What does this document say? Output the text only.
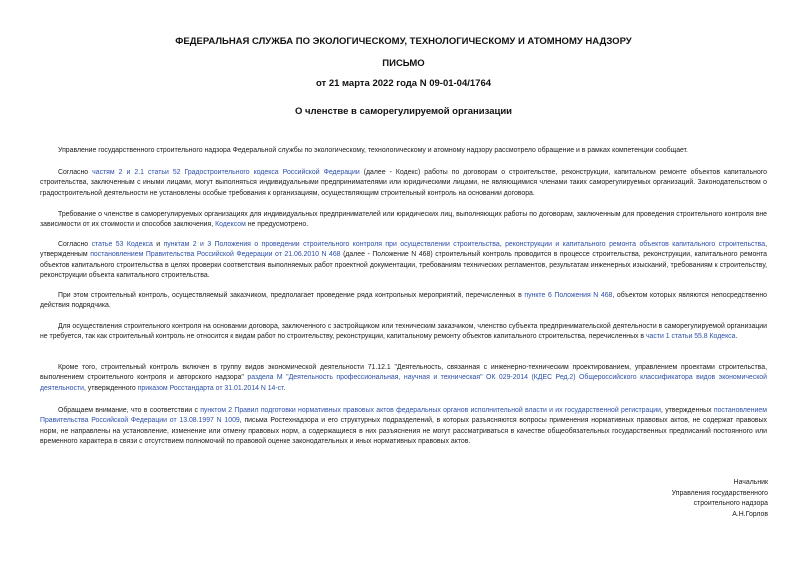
ФЕДЕРАЛЬНАЯ СЛУЖБА ПО ЭКОЛОГИЧЕСКОМУ, ТЕХНОЛОГИЧЕСКОМУ И АТОМНОМУ НАДЗОРУ
ПИСЬМО
от 21 марта 2022 года N 09-01-04/1764
О членстве в саморегулируемой организации

Управление государственного строительного надзора Федеральной службы по экологическому, технологическому и атомному надзору рассмотрело обращение и в рамках компетенции сообщает.

Согласно частям 2 и 2.1 статьи 52 Градостроительного кодекса Российской Федерации (далее - Кодекс) работы по договорам о строительстве, реконструкции, капитальном ремонте объектов капитального строительства, заключенным с иными лицами, могут выполняться индивидуальными предпринимателями или юридическими лицами, не являющимися членами таких саморегулируемых организаций. Законодательством о градостроительной деятельности не установлены особые требования к организациям, осуществляющим строительный контроль на основании договора.

Требование о членстве в саморегулируемых организациях для индивидуальных предпринимателей или юридических лиц, выполняющих работы по договорам, заключенным для проведения строительного контроля вне зависимости от их стоимости и способов заключения, Кодексом не предусмотрено.

Согласно статье 53 Кодекса и пунктам 2 и 3 Положения о проведении строительного контроля при осуществлении строительства, реконструкции и капитального ремонта объектов капитального строительства, утвержденным постановлением Правительства Российской Федерации от 21.06.2010 N 468 (далее - Положение N 468) строительный контроль проводится в процессе строительства, реконструкции, капитального ремонта объектов капитального строительства в целях проверки соответствия выполняемых работ проектной документации, требованиям технических регламентов, результатам инженерных изысканий, требованиям к строительству, реконструкции объекта капитального строительства.

При этом строительный контроль, осуществляемый заказчиком, предполагает проведение ряда контрольных мероприятий, перечисленных в пункте 6 Положения N 468, объектом которых являются непосредственно действия подрядчика.

Для осуществления строительного контроля на основании договора, заключенного с застройщиком или техническим заказчиком, членство субъекта предпринимательской деятельности в саморегулируемой организации не требуется, так как строительный контроль не относится к видам работ по строительству, реконструкции, капитальному ремонту объектов капитального строительства, перечисленных в части 1 статьи 55.8 Кодекса.

Кроме того, строительный контроль включен в группу видов экономической деятельности 71.12.1 "Деятельность, связанная с инженерно-техническим проектированием, управлением проектами строительства, выполнением строительного контроля и авторского надзора" раздела М "Деятельность профессиональная, научная и техническая" ОК 029-2014 (КДЕС Ред.2) Общероссийского классификатора видов экономической деятельности, утвержденного приказом Росстандарта от 31.01.2014 N 14-ст.

Обращаем внимание, что в соответствии с пунктом 2 Правил подготовки нормативных правовых актов федеральных органов исполнительной власти и их государственной регистрации, утвержденных постановлением Правительства Российской Федерации от 13.08.1997 N 1009, письма Ростехнадзора и его структурных подразделений, в которых разъясняются вопросы применения нормативных правовых актов, не содержат правовых норм, не направлены на установление, изменение или отмену правовых норм, а содержащиеся в них разъяснения не могут рассматриваться в качестве общеобязательных государственных предписаний постоянного или временного характера в связи с отсутствием полномочий по правовой оценке законодательных и иных нормативных правовых актов.

Начальник
Управления государственного
строительного надзора
А.Н.Горлов
